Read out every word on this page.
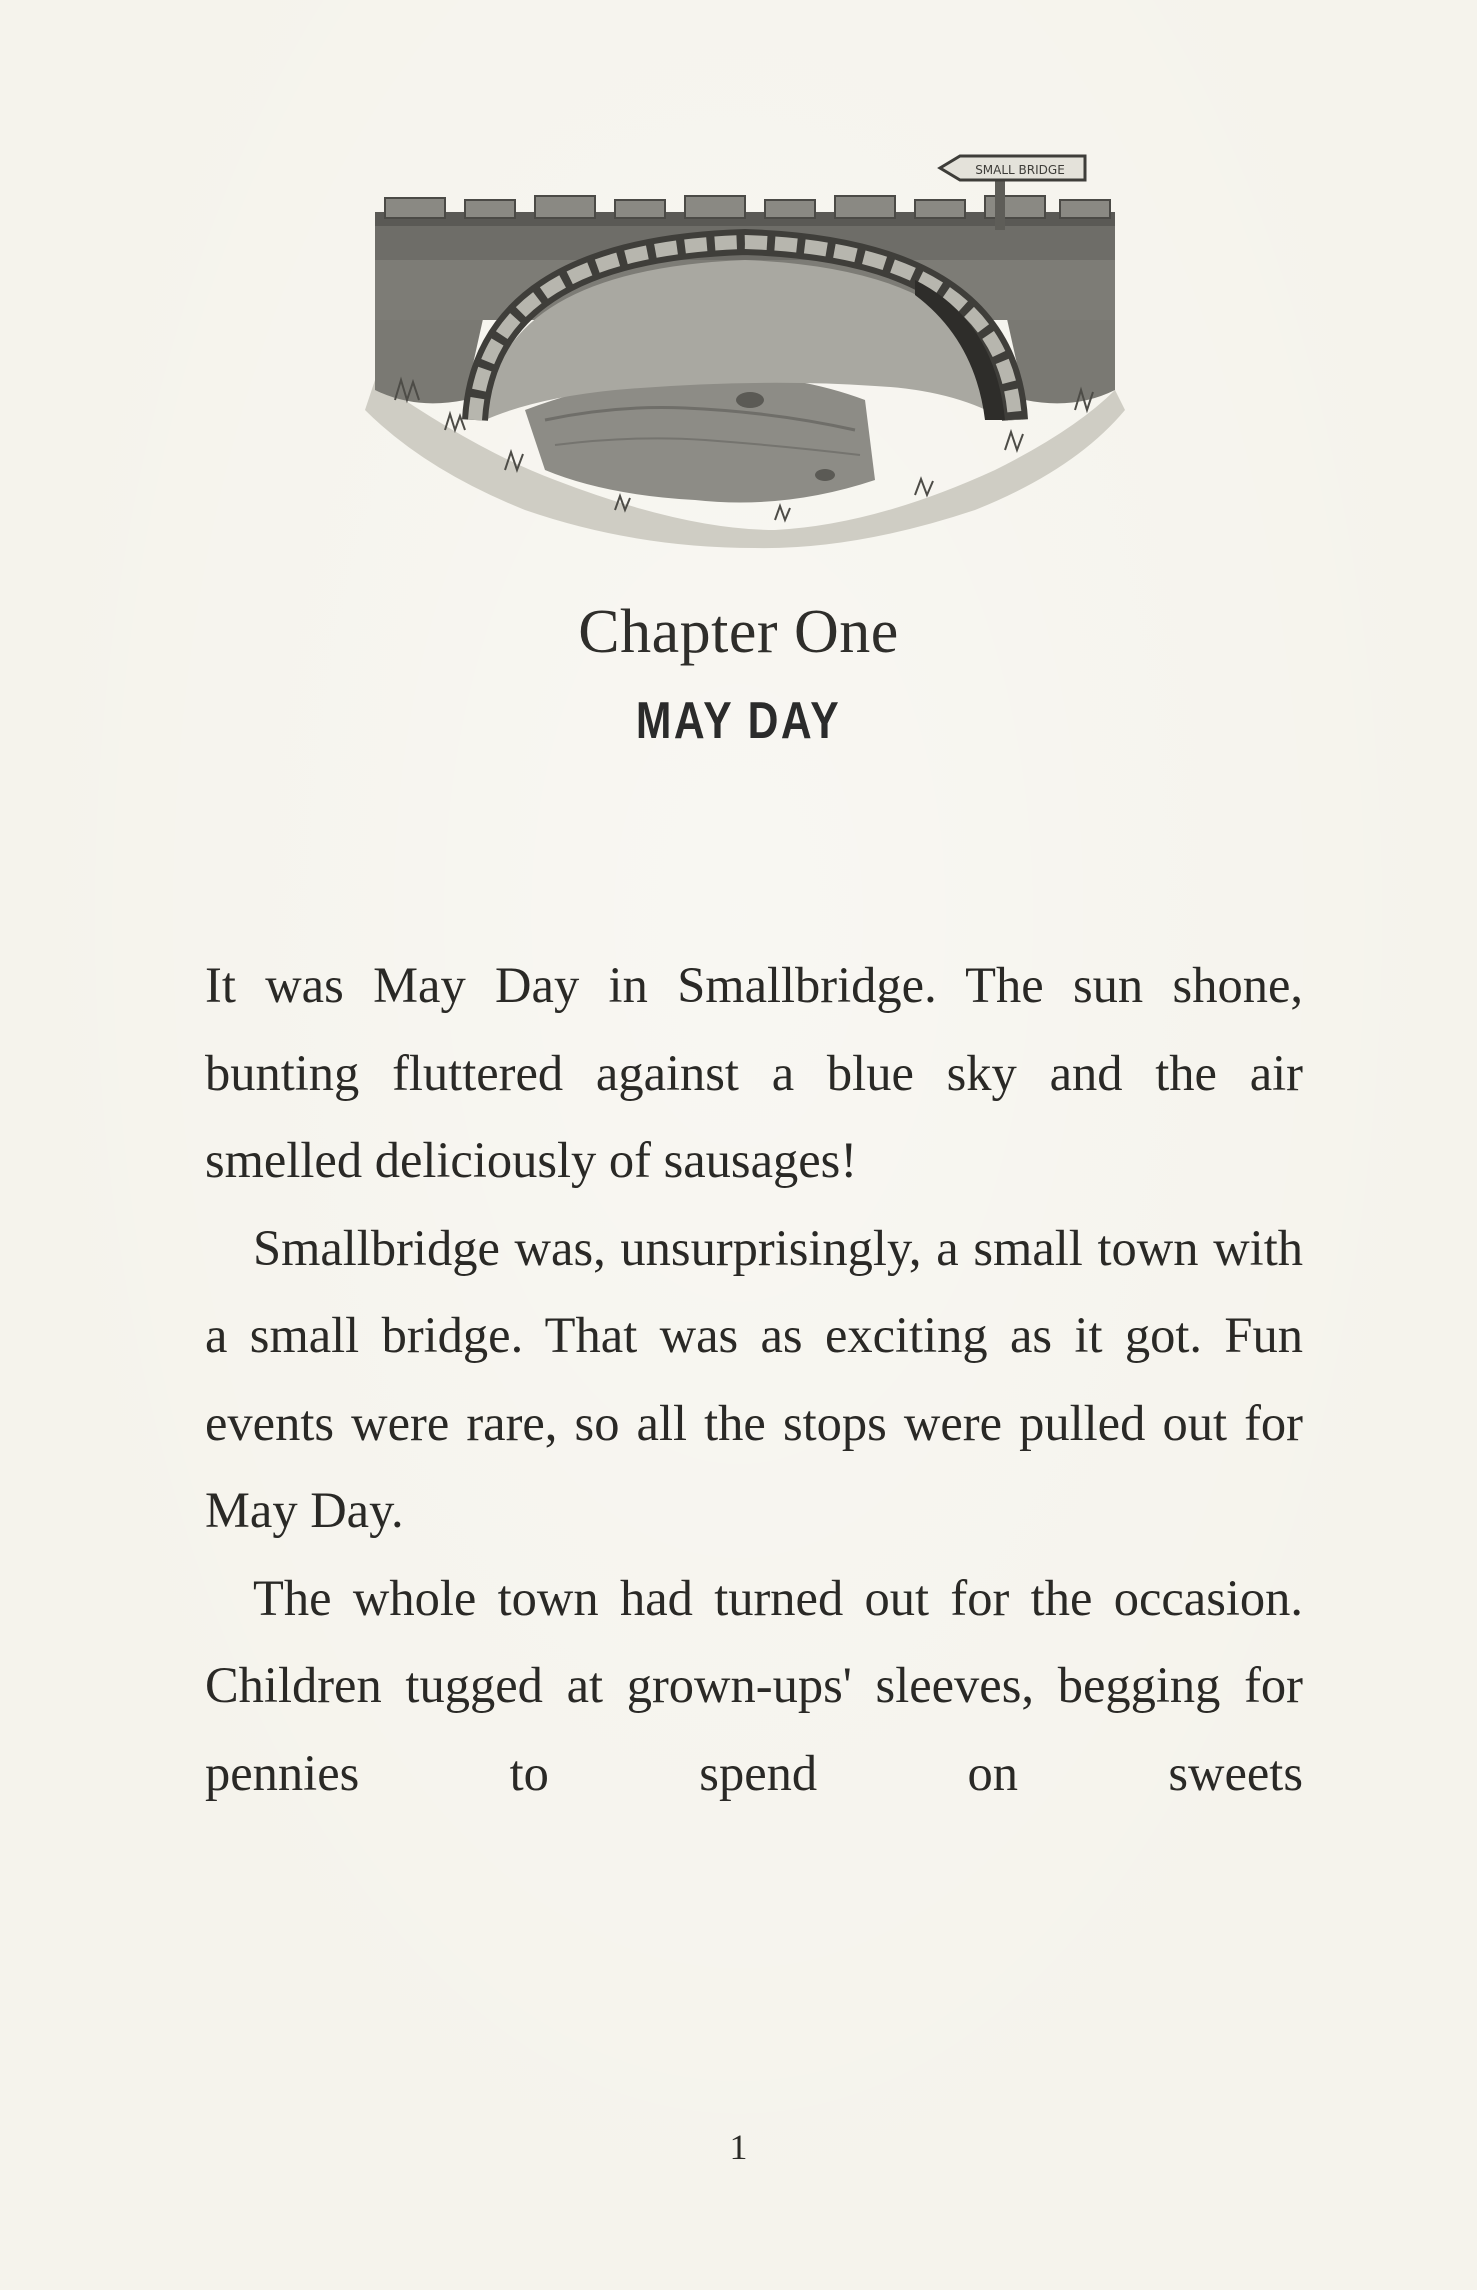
SMALL BRIDGE
Chapter One
MAY DAY

It was May Day in Smallbridge. The sun shone, bunting fluttered against a blue sky and the air smelled deliciously of sausages!

Smallbridge was, unsurprisingly, a small town with a small bridge. That was as exciting as it got. Fun events were rare, so all the stops were pulled out for May Day.

The whole town had turned out for the occasion. Children tugged at grown-ups' sleeves, begging for pennies to spend on sweets

1
